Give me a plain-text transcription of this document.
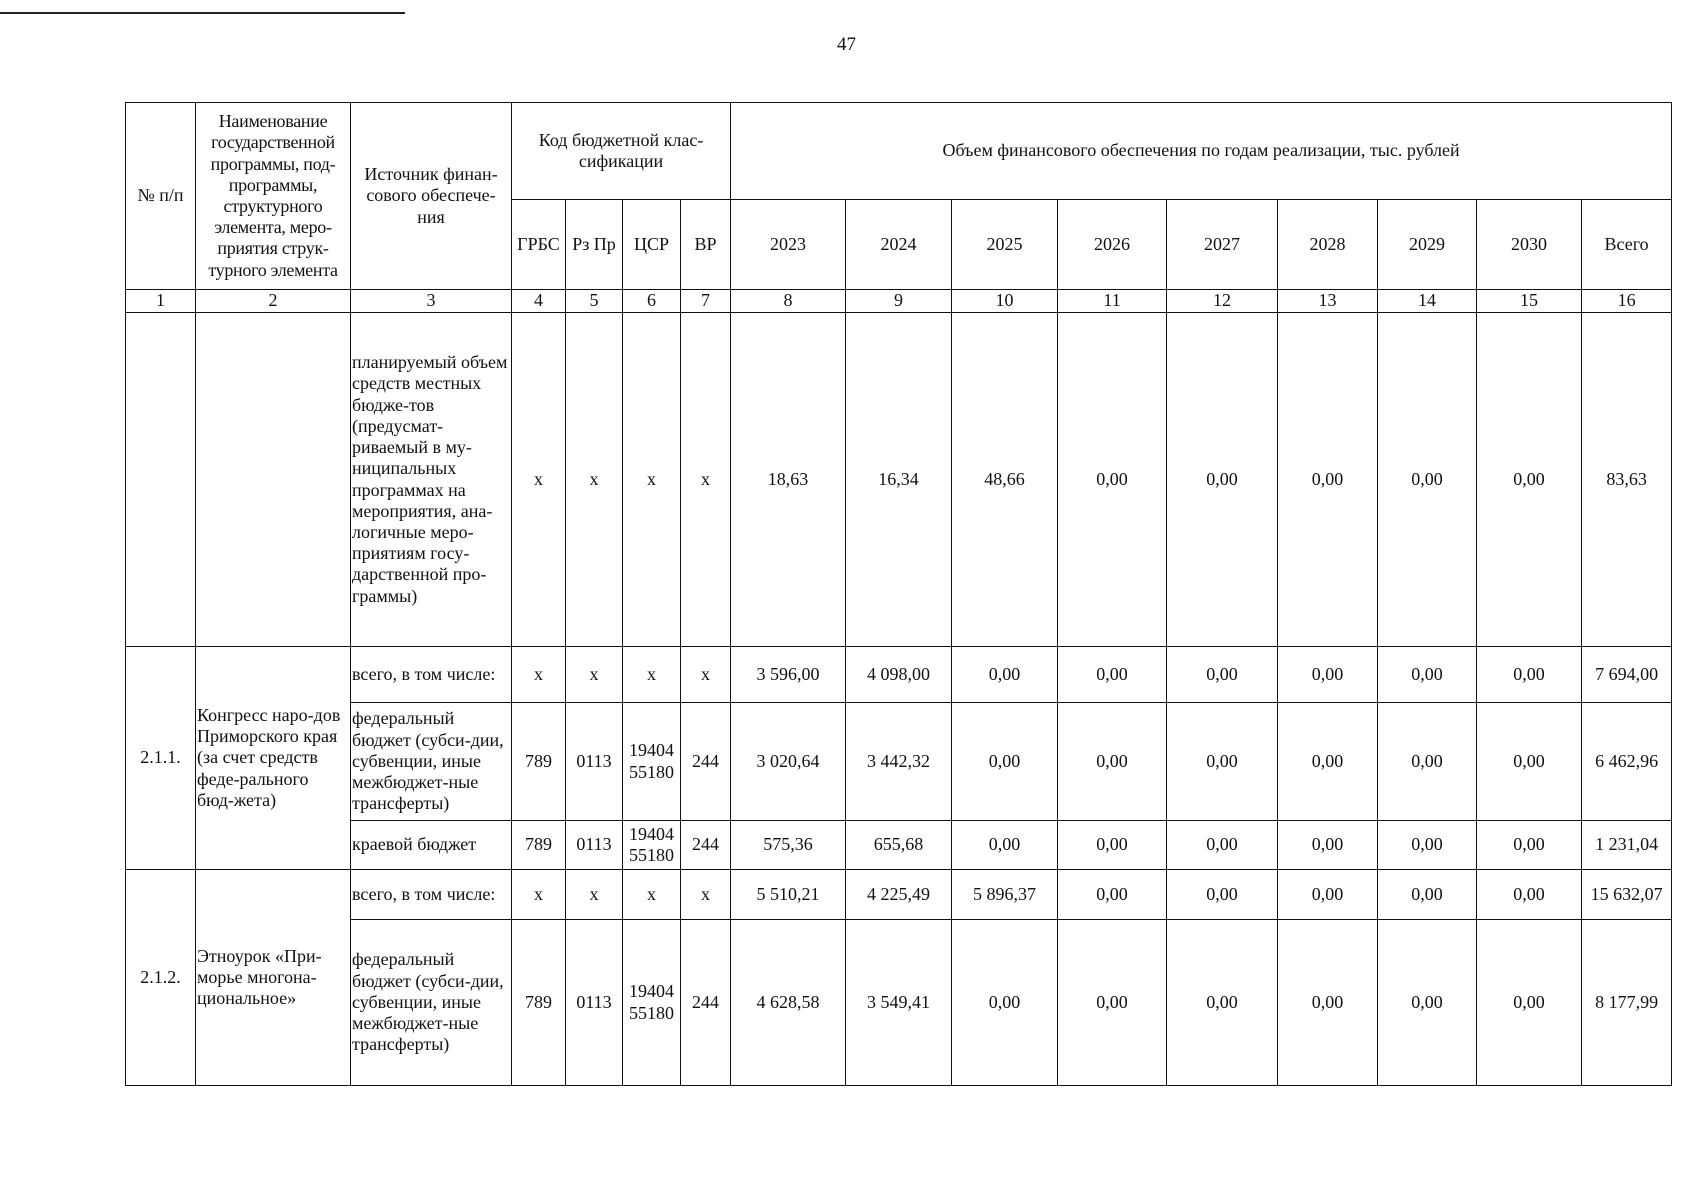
47
№ п/п	Наименование государственной программы, под-программы, структурного элемента, меро-приятия струк-турного элемента	Источник финан-сового обеспече-ния	Код бюджетной клас-сификации				Объем финансового обеспечения по годам реализации, тыс. рублей								
			ГРБС	Рз Пр	ЦСР	ВР	2023	2024	2025	2026	2027	2028	2029	2030	Всего
1	2	3	4	5	6	7	8	9	10	11	12	13	14	15	16
		планируемый объем средств местных бюдже-тов (предусмат-риваемый в му-ниципальных программах на мероприятия, ана-логичные меро-приятиям госу-дарственной про-граммы)	х	х	х	х	18,63	16,34	48,66	0,00	0,00	0,00	0,00	0,00	83,63
2.1.1.	Конгресс наро-дов Приморского края (за счет средств феде-рального бюд-жета)	всего, в том числе:	х	х	х	х	3 596,00	4 098,00	0,00	0,00	0,00	0,00	0,00	0,00	7 694,00
		федеральный бюджет (субси-дии, субвенции, иные межбюджет-ные трансферты)	789	0113	19404 55180	244	3 020,64	3 442,32	0,00	0,00	0,00	0,00	0,00	0,00	6 462,96
		краевой бюджет	789	0113	19404 55180	244	575,36	655,68	0,00	0,00	0,00	0,00	0,00	0,00	1 231,04
2.1.2.	Этноурок «При-морье многона-циональное»	всего, в том числе:	х	х	х	х	5 510,21	4 225,49	5 896,37	0,00	0,00	0,00	0,00	0,00	15 632,07
		федеральный бюджет (субси-дии, субвенции, иные межбюджет-ные трансферты)	789	0113	19404 55180	244	4 628,58	3 549,41	0,00	0,00	0,00	0,00	0,00	0,00	8 177,99
